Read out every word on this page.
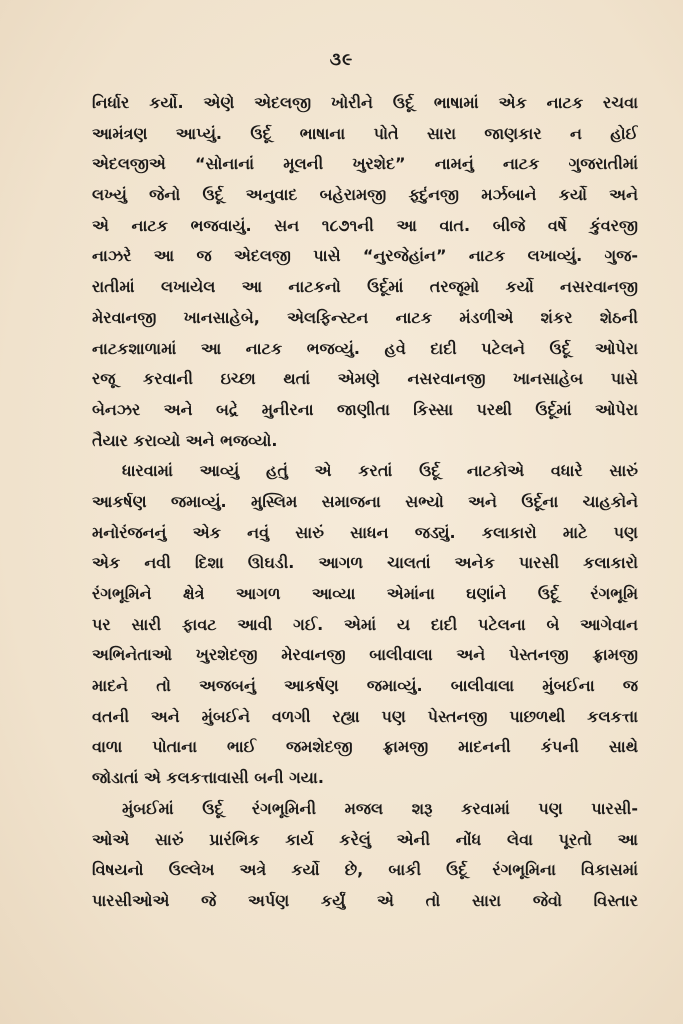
૩૯
નિર્ધાર કર્યો. એણે એદલજી ખોરીને ઉર્દૂ ભાષામાં એક નાટક રચવા
આમંત્રણ આપ્યું. ઉર્દૂ ભાષાના પોતે સારા જાણકાર ન હોઈ
એદલજીએ “સોનાનાં મૂલની ખુરશેદ” નામનું નાટક ગુજરાતીમાં
લખ્યું જેનો ઉર્દૂ અનુવાદ બહેરામજી ફ્દુંનજી મર્ઝબાને કર્યો અને
એ નાટક ભજવાયું. સન ૧૮૭૧ની આ વાત. બીજે વર્ષે કુંવરજી
નાઝરે આ જ એદલજી પાસે “નુરજેહાંન” નાટક લખાવ્યું. ગુજ-
રાતીમાં લખાયેલ આ નાટકનો ઉર્દૂમાં તરજૂમો કર્યો નસરવાનજી
મેરવાનજી ખાનસાહેબે, એલફિન્સ્ટન નાટક મંડળીએ શંકર શેઠની
નાટકશાળામાં આ નાટક ભજવ્યું. હવે દાદી પટેલને ઉર્દૂ ઓપેરા
રજૂ કરવાની ઇચ્છા થતાં એમણે નસરવાનજી ખાનસાહેબ પાસે
બેનઝર અને બદ્રે મુનીરના જાણીતા કિસ્સા પરથી ઉર્દૂમાં ઓપેરા
તૈયાર કરાવ્યો અને ભજવ્યો.
ધારવામાં આવ્યું હતું એ કરતાં ઉર્દૂ નાટકોએ વધારે સારું
આકર્ષણ જમાવ્યું. મુસ્લિમ સમાજના સભ્યો અને ઉર્દૂના ચાહકોને
મનોરંજનનું એક નવું સારું સાધન જડ્યું. કલાકારો માટે પણ
એક નવી દિશા ઊઘડી. આગળ ચાલતાં અનેક પારસી કલાકારો
રંગભૂમિને ક્ષેત્રે આગળ આવ્યા એમાંના ઘણાંને ઉર્દૂ રંગભૂમિ
પર સારી ફાવટ આવી ગઈ. એમાં ય દાદી પટેલના બે આગેવાન
અભિનેતાઓ ખુરશેદજી મેરવાનજી બાલીવાલા અને પેસ્તનજી ફ્રામજી
માદને તો અજબનું આકર્ષણ જમાવ્યું. બાલીવાલા મુંબઈના જ
વતની અને મુંબઈને વળગી રહ્યા પણ પેસ્તનજી પાછળથી કલકત્તા
વાળા પોતાના ભાઈ જમશેદજી ફ્રામજી માદનની કંપની સાથે
જોડાતાં એ કલકત્તાવાસી બની ગયા.
મુંબઈમાં ઉર્દૂ રંગભૂમિની મજલ શરૂ કરવામાં પણ પારસી-
ઓએ સારું પ્રારંભિક કાર્ય કરેલું એની નોંધ લેવા પૂરતો આ
વિષયનો ઉલ્લેખ અત્રે કર્યો છે, બાકી ઉર્દૂ રંગભૂમિના વિકાસમાં
પારસીઓએ જે અર્પણ કર્યું એ તો સારા જેવો વિસ્તાર
